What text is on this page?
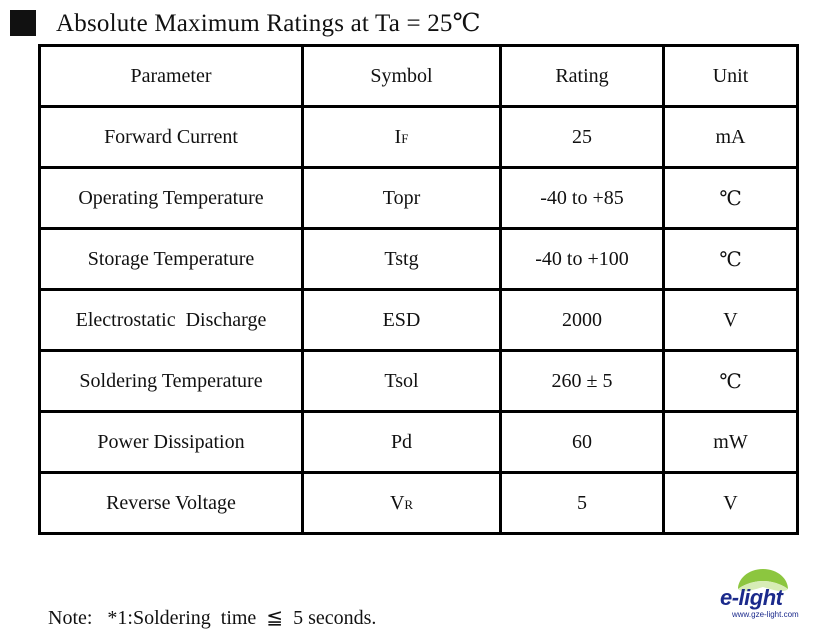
Absolute Maximum Ratings at Ta = 25℃
Parameter	Symbol	Rating	Unit
Forward Current	IF	25	mA
Operating Temperature	Topr	-40 to +85	℃
Storage Temperature	Tstg	-40 to +100	℃
Electrostatic  Discharge	ESD	2000	V
Soldering Temperature	Tsol	260 ± 5	℃
Power Dissipation	Pd	60	mW
Reverse Voltage	VR	5	V
Note:   *1:Soldering  time  ≦  5 seconds.
e-light
www.gze-light.com
